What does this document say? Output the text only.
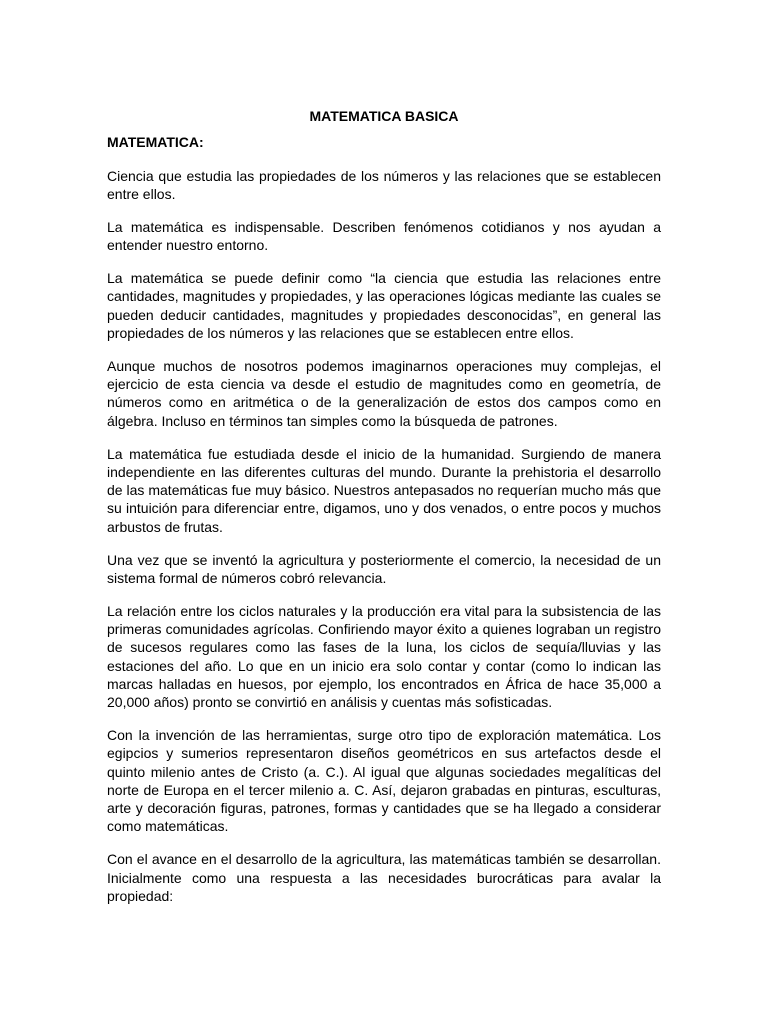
MATEMATICA BASICA
MATEMATICA:

Ciencia que estudia las propiedades de los números y las relaciones que se establecen entre ellos.

La matemática es indispensable. Describen fenómenos cotidianos y nos ayudan a entender nuestro entorno.

La matemática se puede definir como “la ciencia que estudia las relaciones entre cantidades, magnitudes y propiedades, y las operaciones lógicas mediante las cuales se pueden deducir cantidades, magnitudes y propiedades desconocidas”, en general las propiedades de los números y las relaciones que se establecen entre ellos.

Aunque muchos de nosotros podemos imaginarnos operaciones muy complejas, el ejercicio de esta ciencia va desde el estudio de magnitudes como en geometría, de números como en aritmética o de la generalización de estos dos campos como en álgebra. Incluso en términos tan simples como la búsqueda de patrones.

La matemática fue estudiada desde el inicio de la humanidad. Surgiendo de manera independiente en las diferentes culturas del mundo. Durante la prehistoria el desarrollo de las matemáticas fue muy básico. Nuestros antepasados no requerían mucho más que su intuición para diferenciar entre, digamos, uno y dos venados, o entre pocos y muchos arbustos de frutas.

Una vez que se inventó la agricultura y posteriormente el comercio, la necesidad de un sistema formal de números cobró relevancia.

La relación entre los ciclos naturales y la producción era vital para la subsistencia de las primeras comunidades agrícolas. Confiriendo mayor éxito a quienes lograban un registro de sucesos regulares como las fases de la luna, los ciclos de sequía/lluvias y las estaciones del año. Lo que en un inicio era solo contar y contar (como lo indican las marcas halladas en huesos, por ejemplo, los encontrados en África de hace 35,000 a 20,000 años) pronto se convirtió en análisis y cuentas más sofisticadas.

Con la invención de las herramientas, surge otro tipo de exploración matemática. Los egipcios y sumerios representaron diseños geométricos en sus artefactos desde el quinto milenio antes de Cristo (a. C.). Al igual que algunas sociedades megalíticas del norte de Europa en el tercer milenio a. C. Así, dejaron grabadas en pinturas, esculturas, arte y decoración figuras, patrones, formas y cantidades que se ha llegado a considerar como matemáticas.

Con el avance en el desarrollo de la agricultura, las matemáticas también se desarrollan. Inicialmente como una respuesta a las necesidades burocráticas para avalar la propiedad:
